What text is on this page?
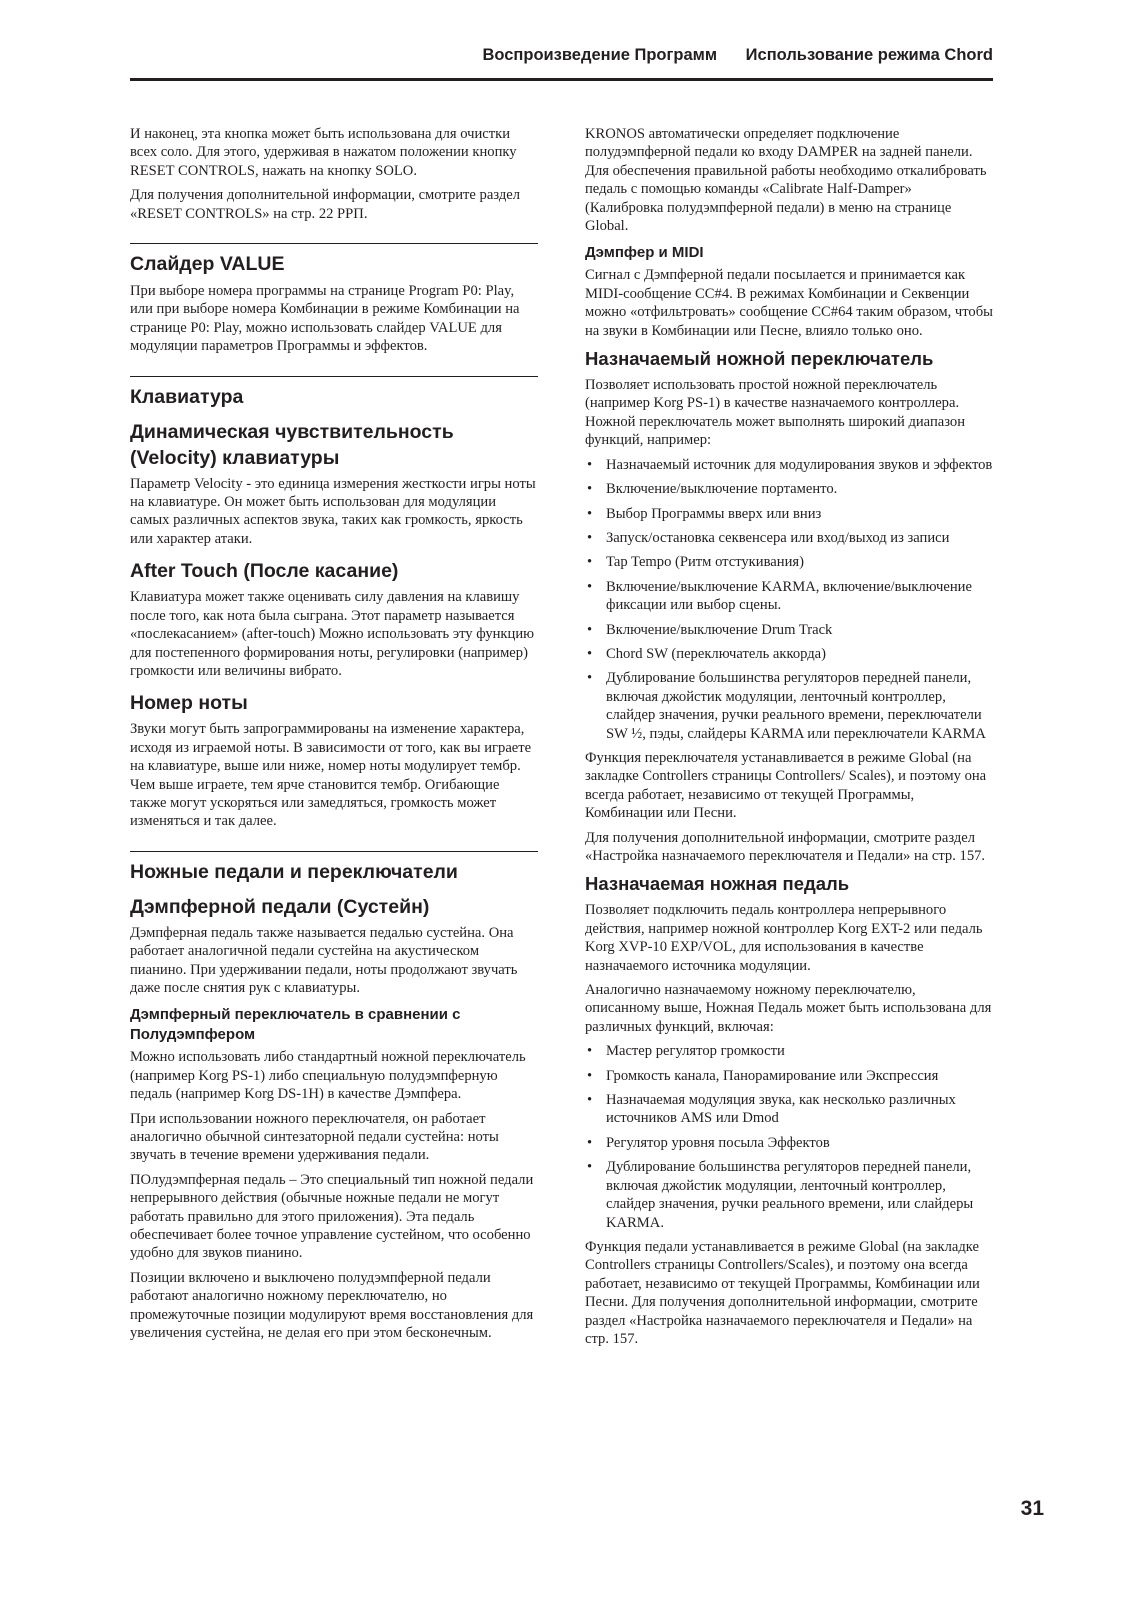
Воспроизведение Программ Использование режима Chord

И наконец, эта кнопка может быть использована для очистки всех соло. Для этого, удерживая в нажатом положении кнопку RESET CONTROLS, нажать на кнопку SOLO.

Для получения дополнительной информации, смотрите раздел «RESET CONTROLS» на стр. 22 РРП.

Слайдер VALUE

При выборе номера программы на странице Program P0: Play, или при выборе номера Комбинации в режиме Комбинации на странице P0: Play, можно использовать слайдер VALUE для модуляции параметров Программы и эффектов.

Клавиатура
Динамическая чувствительность (Velocity) клавиатуры

Параметр Velocity - это единица измерения жесткости игры ноты на клавиатуре. Он может быть использован для модуляции самых различных аспектов звука, таких как громкость, яркость или характер атаки.

After Touch (После касание)

Клавиатура может также оценивать силу давления на клавишу после того, как нота была сыграна. Этот параметр называется «послекасанием» (after-touch) Можно использовать эту функцию для постепенного формирования ноты, регулировки (например) громкости или величины вибрато.

Номер ноты

Звуки могут быть запрограммированы на изменение характера, исходя из играемой ноты. В зависимости от того, как вы играете на клавиатуре, выше или ниже, номер ноты модулирует тембр. Чем выше играете, тем ярче становится тембр. Огибающие также могут ускоряться или замедляться, громкость может изменяться и так далее.

Ножные педали и переключатели
Дэмпферной педали (Сустейн)

Дэмпферная педаль также называется педалью сустейна. Она работает аналогичной педали сустейна на акустическом пианино. При удерживании педали, ноты продолжают звучать даже после снятия рук с клавиатуры.

Дэмпферный переключатель в сравнении с Полудэмпфером

Можно использовать либо стандартный ножной переключатель (например Korg PS-1) либо специальную полудэмпферную педаль (например Korg DS-1H) в качестве Дэмпфера.

При использовании ножного переключателя, он работает аналогично обычной синтезаторной педали сустейна: ноты звучать в течение времени удерживания педали.

ПОлудэмпферная педаль – Это специальный тип ножной педали непрерывного действия (обычные ножные педали не могут работать правильно для этого приложения). Эта педаль обеспечивает более точное управление сустейном, что особенно удобно для звуков пианино.

Позиции включено и выключено полудэмпферной педали работают аналогично ножному переключателю, но промежуточные позиции модулируют время восстановления для увеличения сустейна, не делая его при этом бесконечным.

KRONOS автоматически определяет подключение полудэмпферной педали ко входу DAMPER на задней панели. Для обеспечения правильной работы необходимо откалибровать педаль с помощью команды «Calibrate Half-Damper» (Калибровка полудэмпферной педали) в меню на странице Global.

Дэмпфер и MIDI

Сигнал с Дэмпферной педали посылается и принимается как MIDI-сообщение CC#4. В режимах Комбинации и Секвенции можно «отфильтровать» сообщение CC#64 таким образом, чтобы на звуки в Комбинации или Песне, влияло только оно.

Назначаемый ножной переключатель

Позволяет использовать простой ножной переключатель (например Korg PS-1) в качестве назначаемого контроллера. Ножной переключатель может выполнять широкий диапазон функций, например:

• Назначаемый источник для модулирования звуков и эффектов
• Включение/выключение портаменто.
• Выбор Программы вверх или вниз
• Запуск/остановка секвенсера или вход/выход из записи
• Tap Tempo (Ритм отстукивания)
• Включение/выключение KARMA, включение/выключение фиксации или выбор сцены.
• Включение/выключение Drum Track
• Chord SW (переключатель аккорда)
• Дублирование большинства регуляторов передней панели, включая джойстик модуляции, ленточный контроллер, слайдер значения, ручки реального времени, переключатели SW ½, пэды, слайдеры KARMA или переключатели KARMA

Функция переключателя устанавливается в режиме Global (на закладке Controllers страницы Controllers/ Scales), и поэтому она всегда работает, независимо от текущей Программы, Комбинации или Песни.

Для получения дополнительной информации, смотрите раздел «Настройка назначаемого переключателя и Педали» на стр. 157.

Назначаемая ножная педаль

Позволяет подключить педаль контроллера непрерывного действия, например ножной контроллер Korg EXT-2 или педаль Korg XVP-10 EXP/VOL, для использования в качестве назначаемого источника модуляции.

Аналогично назначаемому ножному переключателю, описанному выше, Ножная Педаль может быть использована для различных функций, включая:

• Мастер регулятор громкости
• Громкость канала, Панорамирование или Экспрессия
• Назначаемая модуляция звука, как несколько различных источников AMS или Dmod
• Регулятор уровня посыла Эффектов
• Дублирование большинства регуляторов передней панели, включая джойстик модуляции, ленточный контроллер, слайдер значения, ручки реального времени, или слайдеры KARMA.

Функция педали устанавливается в режиме Global (на закладке Controllers страницы Controllers/Scales), и поэтому она всегда работает, независимо от текущей Программы, Комбинации или Песни. Для получения дополнительной информации, смотрите раздел «Настройка назначаемого переключателя и Педали» на стр. 157.

31
